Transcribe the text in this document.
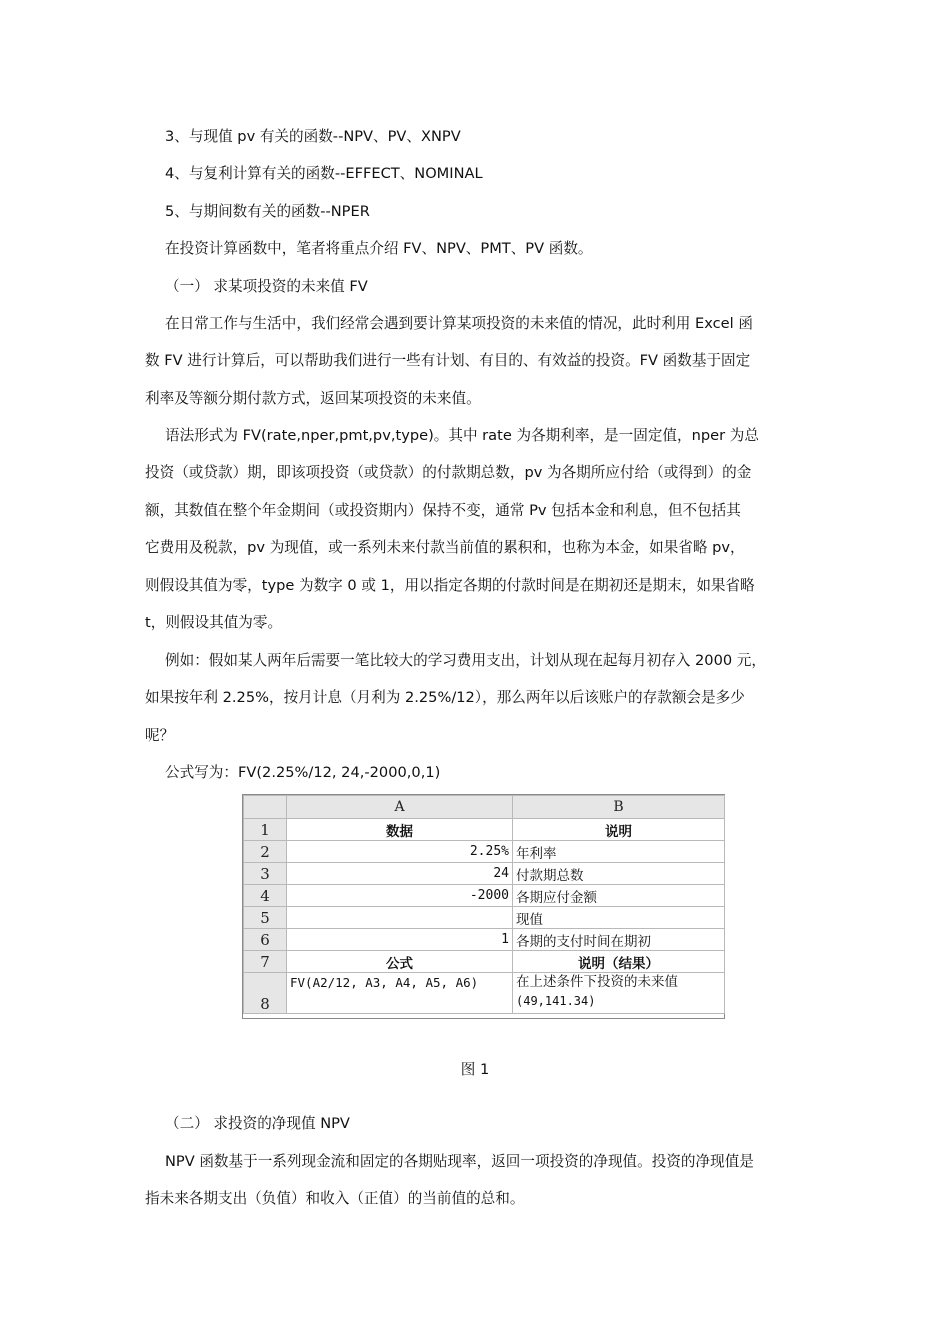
3、与现值 pv 有关的函数--NPV、PV、XNPV
4、与复利计算有关的函数--EFFECT、NOMINAL
5、与期间数有关的函数--NPER
在投资计算函数中，笔者将重点介绍 FV、NPV、PMT、PV 函数。
（一） 求某项投资的未来值 FV
在日常工作与生活中，我们经常会遇到要计算某项投资的未来值的情况，此时利用 Excel 函
数 FV 进行计算后，可以帮助我们进行一些有计划、有目的、有效益的投资。FV 函数基于固定
利率及等额分期付款方式，返回某项投资的未来值。
语法形式为 FV(rate,nper,pmt,pv,type)。其中 rate 为各期利率，是一固定值，nper 为总
投资（或贷款）期，即该项投资（或贷款）的付款期总数，pv 为各期所应付给（或得到）的金
额，其数值在整个年金期间（或投资期内）保持不变，通常 Pv 包括本金和利息，但不包括其
它费用及税款，pv 为现值，或一系列未来付款当前值的累积和，也称为本金，如果省略 pv，
则假设其值为零，type 为数字 0 或 1，用以指定各期的付款时间是在期初还是期末，如果省略
t，则假设其值为零。
例如：假如某人两年后需要一笔比较大的学习费用支出，计划从现在起每月初存入 2000 元，
如果按年利 2.25%，按月计息（月利为 2.25%/12），那么两年以后该账户的存款额会是多少
呢？
公式写为：FV(2.25%/12, 24,-2000,0,1)
	A	B
1	数据	说明
2	2.25%	年利率
3	24	付款期总数
4	-2000	各期应付金额
5		现值
6	1	各期的支付时间在期初
7	公式	说明（结果）
8	FV(A2/12, A3, A4, A5, A6)	在上述条件下投资的未来值
(49,141.34)
图 1
（二） 求投资的净现值 NPV
NPV 函数基于一系列现金流和固定的各期贴现率，返回一项投资的净现值。投资的净现值是
指未来各期支出（负值）和收入（正值）的当前值的总和。
